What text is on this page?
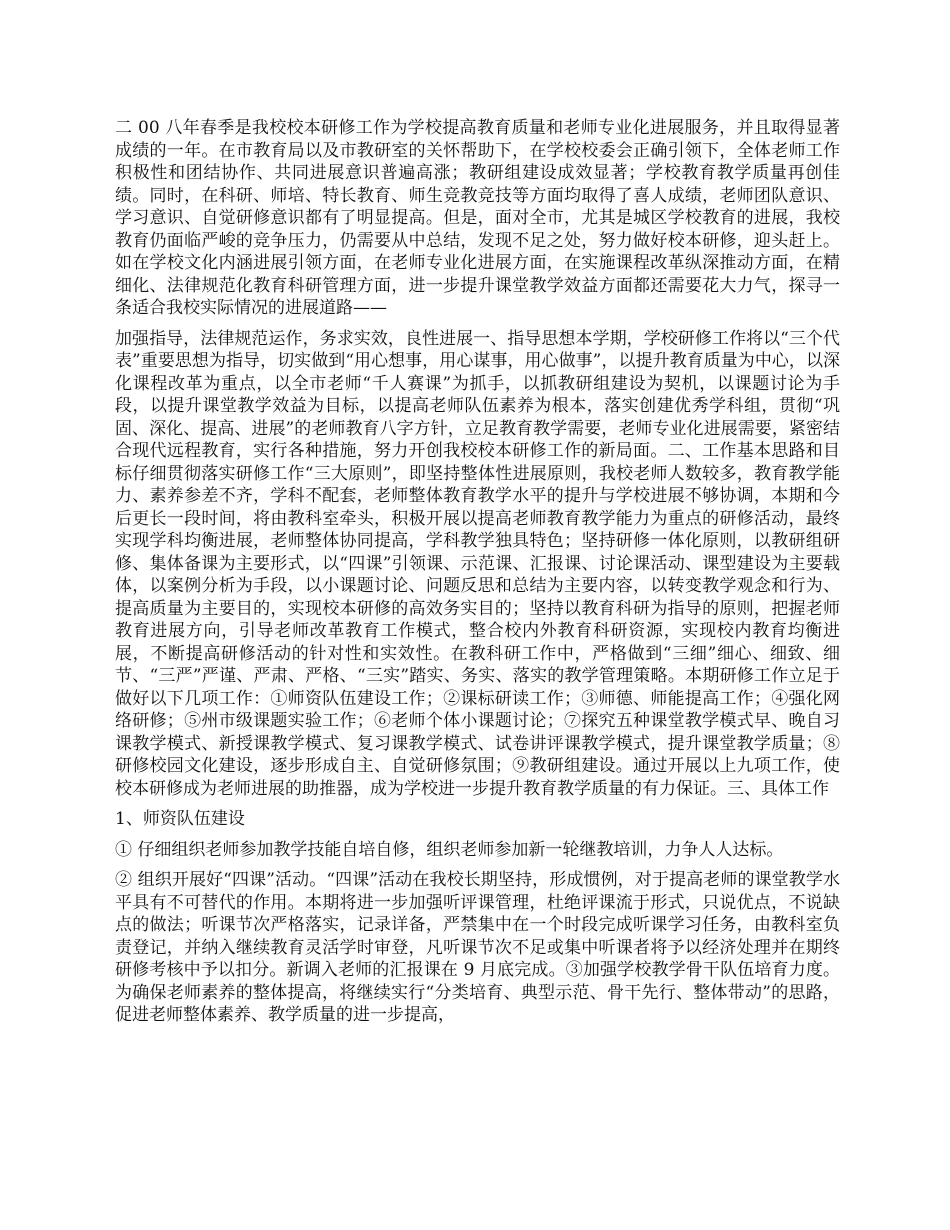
二 00 八年春季是我校校本研修工作为学校提高教育质量和老师专业化进展服务，并且取得显著成绩的一年。在市教育局以及市教研室的关怀帮助下，在学校校委会正确引领下，全体老师工作积极性和团结协作、共同进展意识普遍高涨；教研组建设成效显著；学校教育教学质量再创佳绩。同时，在科研、师培、特长教育、师生竞教竞技等方面均取得了喜人成绩，老师团队意识、学习意识、自觉研修意识都有了明显提高。但是，面对全市，尤其是城区学校教育的进展，我校教育仍面临严峻的竞争压力，仍需要从中总结，发现不足之处，努力做好校本研修，迎头赶上。如在学校文化内涵进展引领方面，在老师专业化进展方面，在实施课程改革纵深推动方面，在精细化、法律规范化教育科研管理方面，进一步提升课堂教学效益方面都还需要花大力气，探寻一条适合我校实际情况的进展道路——

加强指导，法律规范运作，务求实效，良性进展一、指导思想本学期，学校研修工作将以“三个代表”重要思想为指导，切实做到“用心想事，用心谋事，用心做事”，以提升教育质量为中心，以深化课程改革为重点，以全市老师“千人赛课”为抓手，以抓教研组建设为契机，以课题讨论为手段，以提升课堂教学效益为目标，以提高老师队伍素养为根本，落实创建优秀学科组，贯彻“巩固、深化、提高、进展”的老师教育八字方针，立足教育教学需要，老师专业化进展需要，紧密结合现代远程教育，实行各种措施，努力开创我校校本研修工作的新局面。二、工作基本思路和目标仔细贯彻落实研修工作“三大原则”，即坚持整体性进展原则，我校老师人数较多，教育教学能力、素养参差不齐，学科不配套，老师整体教育教学水平的提升与学校进展不够协调，本期和今后更长一段时间，将由教科室牵头，积极开展以提高老师教育教学能力为重点的研修活动，最终实现学科均衡进展，老师整体协同提高，学科教学独具特色；坚持研修一体化原则，以教研组研修、集体备课为主要形式，以“四课”引领课、示范课、汇报课、讨论课活动、课型建设为主要载体，以案例分析为手段，以小课题讨论、问题反思和总结为主要内容，以转变教学观念和行为、提高质量为主要目的，实现校本研修的高效务实目的；坚持以教育科研为指导的原则，把握老师教育进展方向，引导老师改革教育工作模式，整合校内外教育科研资源，实现校内教育均衡进展，不断提高研修活动的针对性和实效性。在教科研工作中，严格做到“三细”细心、细致、细节、“三严”严谨、严肃、严格、“三实”踏实、务实、落实的教学管理策略。本期研修工作立足于做好以下几项工作：①师资队伍建设工作；②课标研读工作；③师德、师能提高工作；④强化网络研修；⑤州市级课题实验工作；⑥老师个体小课题讨论；⑦探究五种课堂教学模式早、晚自习课教学模式、新授课教学模式、复习课教学模式、试卷讲评课教学模式，提升课堂教学质量；⑧研修校园文化建设，逐步形成自主、自觉研修氛围；⑨教研组建设。通过开展以上九项工作，使校本研修成为老师进展的助推器，成为学校进一步提升教育教学质量的有力保证。三、具体工作

1、师资队伍建设

① 仔细组织老师参加教学技能自培自修，组织老师参加新一轮继教培训，力争人人达标。

② 组织开展好“四课”活动。“四课”活动在我校长期坚持，形成惯例，对于提高老师的课堂教学水平具有不可替代的作用。本期将进一步加强听评课管理，杜绝评课流于形式，只说优点，不说缺点的做法；听课节次严格落实，记录详备，严禁集中在一个时段完成听课学习任务，由教科室负责登记，并纳入继续教育灵活学时审登，凡听课节次不足或集中听课者将予以经济处理并在期终研修考核中予以扣分。新调入老师的汇报课在 9 月底完成。③加强学校教学骨干队伍培育力度。为确保老师素养的整体提高，将继续实行“分类培育、典型示范、骨干先行、整体带动”的思路，促进老师整体素养、教学质量的进一步提高，
